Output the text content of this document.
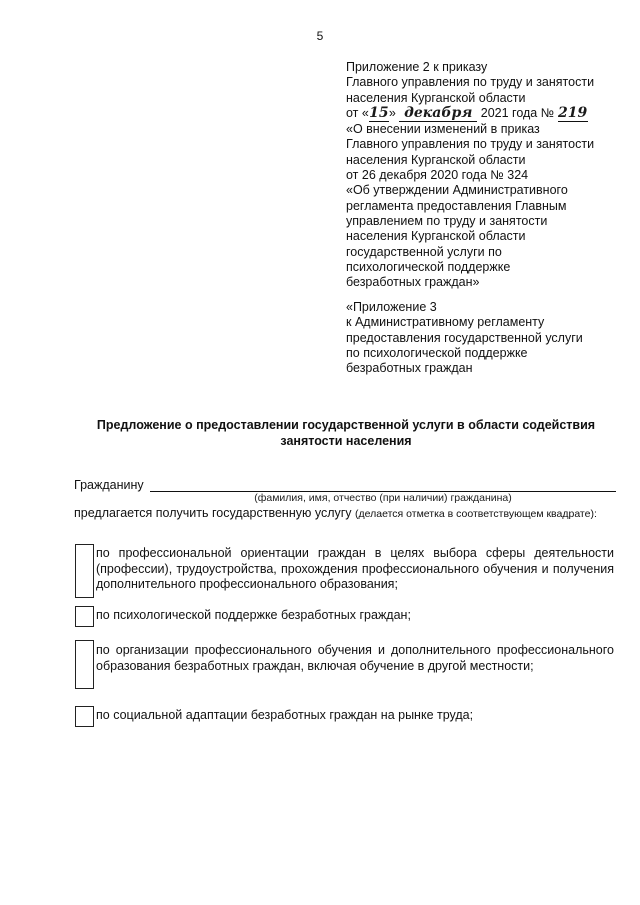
5
Приложение 2 к приказу
Главного управления по труду и занятости
населения Курганской области
от «15» декабря 2021 года № 219
«О внесении изменений в приказ
Главного управления по труду и занятости
населения Курганской области
от 26 декабря 2020 года № 324
«Об утверждении Административного
регламента предоставления Главным
управлением по труду и занятости
населения Курганской области
государственной услуги по
психологической поддержке
безработных граждан»
«Приложение 3
к Административному регламенту
предоставления государственной услуги
по психологической поддержке
безработных граждан
Предложение о предоставлении государственной услуги в области содействия
занятости населения
Гражданину
(фамилия, имя, отчество (при наличии) гражданина)
предлагается получить государственную услугу (делается отметка в соответствующем квадрате):
по профессиональной ориентации граждан в целях выбора сферы деятельности (профессии), трудоустройства, прохождения профессионального обучения и получения дополнительного профессионального образования;
по психологической поддержке безработных граждан;
по организации профессионального обучения и дополнительного профессионального образования безработных граждан, включая обучение в другой местности;
по социальной адаптации безработных граждан на рынке труда;
